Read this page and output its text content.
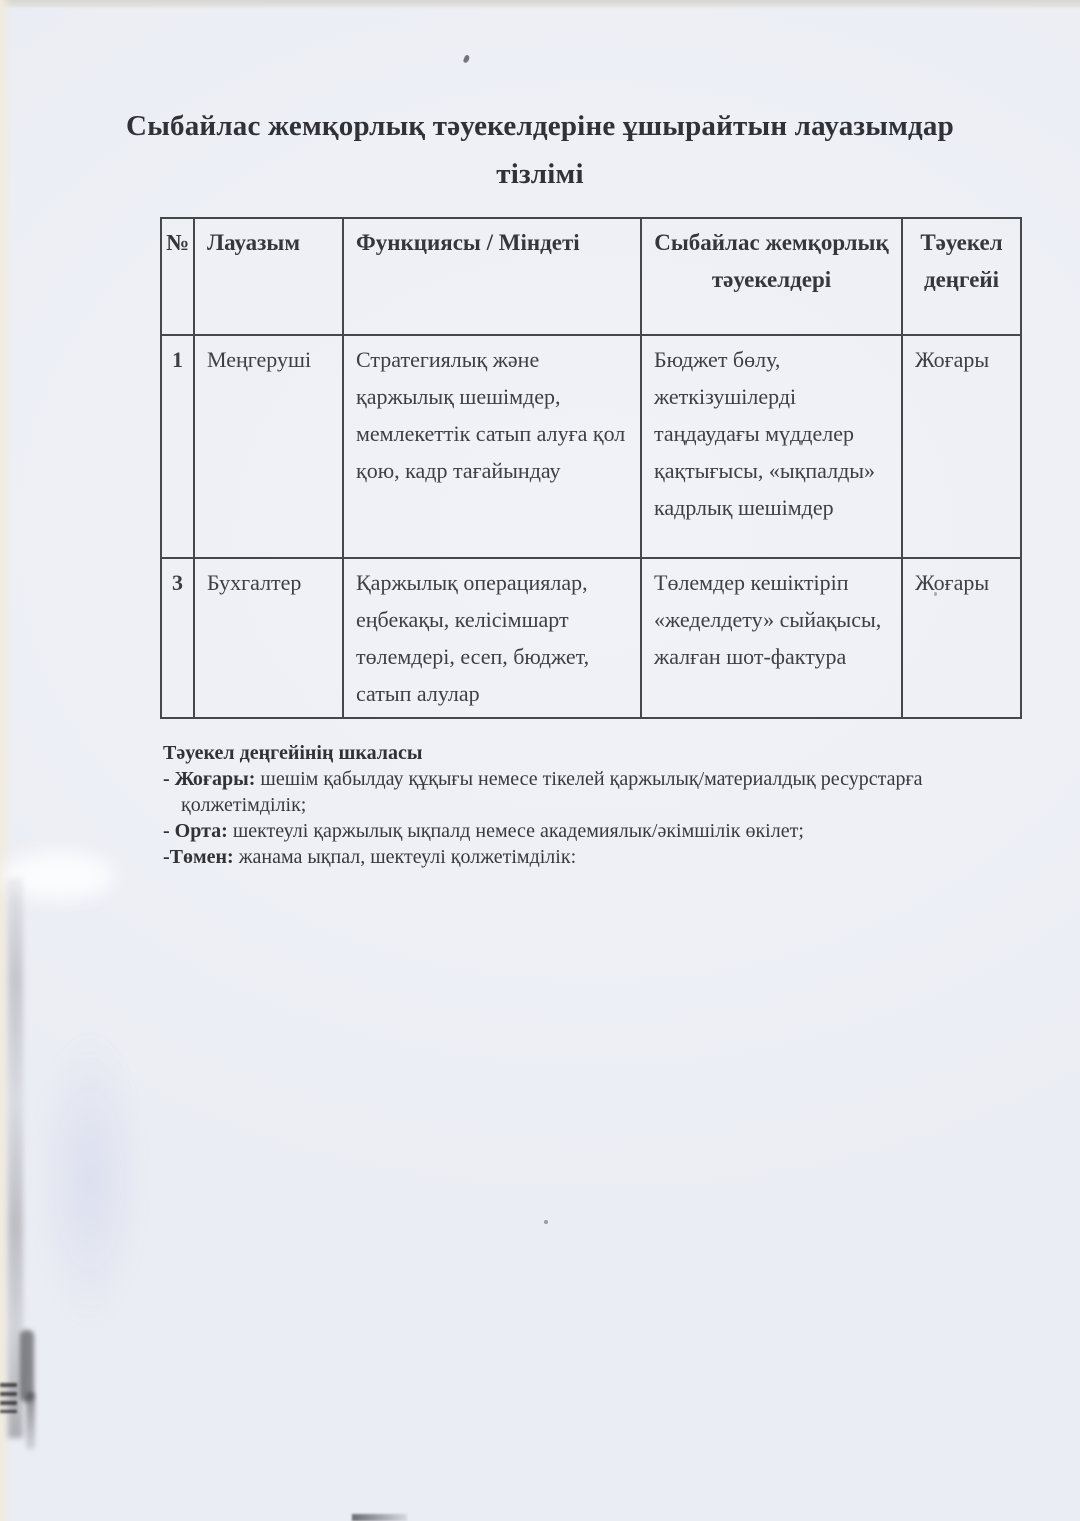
Сыбайлас жемқорлық тәуекелдеріне ұшырайтын лауазымдар
тізлімі
№	Лауазым	Функциясы / Міндеті	Сыбайлас жемқорлық тәуекелдері	Тәуекел деңгейі
1	Меңгеруші	Стратегиялық және қаржылық шешімдер, мемлекеттік сатып алуға қол қою, кадр тағайындау	Бюджет бөлу, жеткізушілерді таңдаудағы мүдделер қақтығысы, «ықпалды» кадрлық шешімдер	Жоғары
3	Бухгалтер	Қаржылық операциялар, еңбекақы, келісімшарт төлемдері, есеп, бюджет, сатып алулар	Төлемдер кешіктіріп «жеделдету» сыйақысы, жалған шот-фактура	Жоғары
Тәуекел деңгейінің шкаласы
- Жоғары: шешім қабылдау құқығы немесе тікелей қаржылық/материалдық ресурстарға
қолжетімділік;
- Орта: шектеулі қаржылық ықпалд немесе академиялык/әкімшілік өкілет;
-Төмен: жанама ықпал, шектеулі қолжетімділік:
